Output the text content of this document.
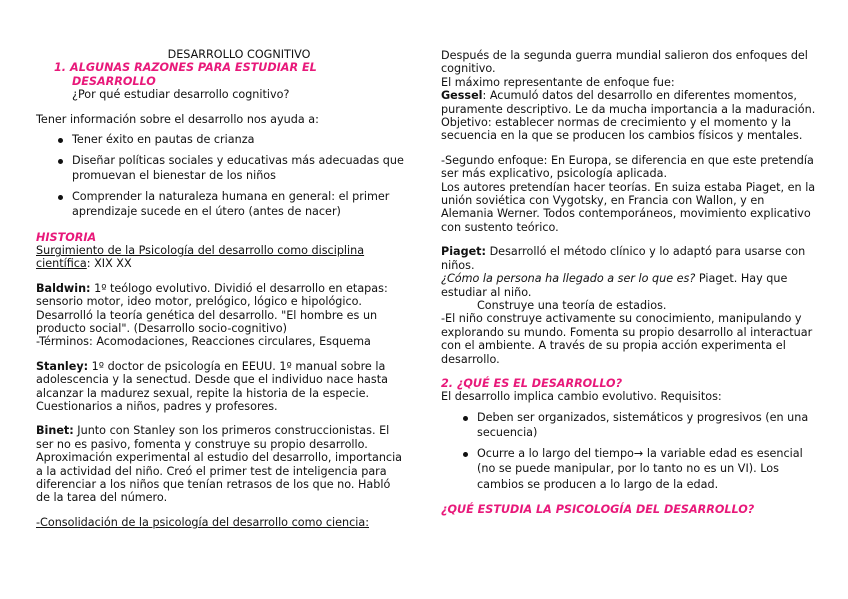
DESARROLLO COGNITIVO

1. ALGUNAS RAZONES PARA ESTUDIAR EL

DESARROLLO

¿Por qué estudiar desarrollo cognitivo?

Tener información sobre el desarrollo nos ayuda a:

Tener éxito en pautas de crianza
Diseñar políticas sociales y educativas más adecuadas que promuevan el bienestar de los niños
Comprender la naturaleza humana en general: el primer aprendizaje sucede en el útero (antes de nacer)

HISTORIA

Surgimiento de la Psicología del desarrollo como disciplina científica: XIX XX

Baldwin: 1º teólogo evolutivo. Dividió el desarrollo en etapas: sensorio motor, ideo motor, prelógico, lógico e hipológico. Desarrolló la teoría genética del desarrollo. "El hombre es un producto social". (Desarrollo socio-cognitivo)

-Términos: Acomodaciones, Reacciones circulares, Esquema

Stanley: 1º doctor de psicología en EEUU. 1º manual sobre la adolescencia y la senectud. Desde que el individuo nace hasta alcanzar la madurez sexual, repite la historia de la especie. Cuestionarios a niños, padres y profesores.

Binet: Junto con Stanley son los primeros construccionistas. El ser no es pasivo, fomenta y construye su propio desarrollo. Aproximación experimental al estudio del desarrollo, importancia a la actividad del niño. Creó el primer test de inteligencia para diferenciar a los niños que tenían retrasos de los que no. Habló de la tarea del número.

-Consolidación de la psicología del desarrollo como ciencia:

Después de la segunda guerra mundial salieron dos enfoques del cognitivo.

El máximo representante de enfoque fue:

Gessel: Acumuló datos del desarrollo en diferentes momentos, puramente descriptivo. Le da mucha importancia a la maduración. Objetivo: establecer normas de crecimiento y el momento y la secuencia en la que se producen los cambios físicos y mentales.

-Segundo enfoque: En Europa, se diferencia en que este pretendía ser más explicativo, psicología aplicada.

Los autores pretendían hacer teorías. En suiza estaba Piaget, en la unión soviética con Vygotsky, en Francia con Wallon, y en Alemania Werner. Todos contemporáneos, movimiento explicativo con sustento teórico.

Piaget: Desarrolló el método clínico y lo adaptó para usarse con niños.

¿Cómo la persona ha llegado a ser lo que es? Piaget. Hay que estudiar al niño.

Construye una teoría de estadios.

-El niño construye activamente su conocimiento, manipulando y explorando su mundo. Fomenta su propio desarrollo al interactuar con el ambiente. A través de su propia acción experimenta el desarrollo.

2. ¿QUÉ ES EL DESARROLLO?

El desarrollo implica cambio evolutivo. Requisitos:

Deben ser organizados, sistemáticos y progresivos (en una secuencia)
Ocurre a lo largo del tiempo→ la variable edad es esencial (no se puede manipular, por lo tanto no es un VI). Los cambios se producen a lo largo de la edad.

¿QUÉ ESTUDIA LA PSICOLOGÍA DEL DESARROLLO?
